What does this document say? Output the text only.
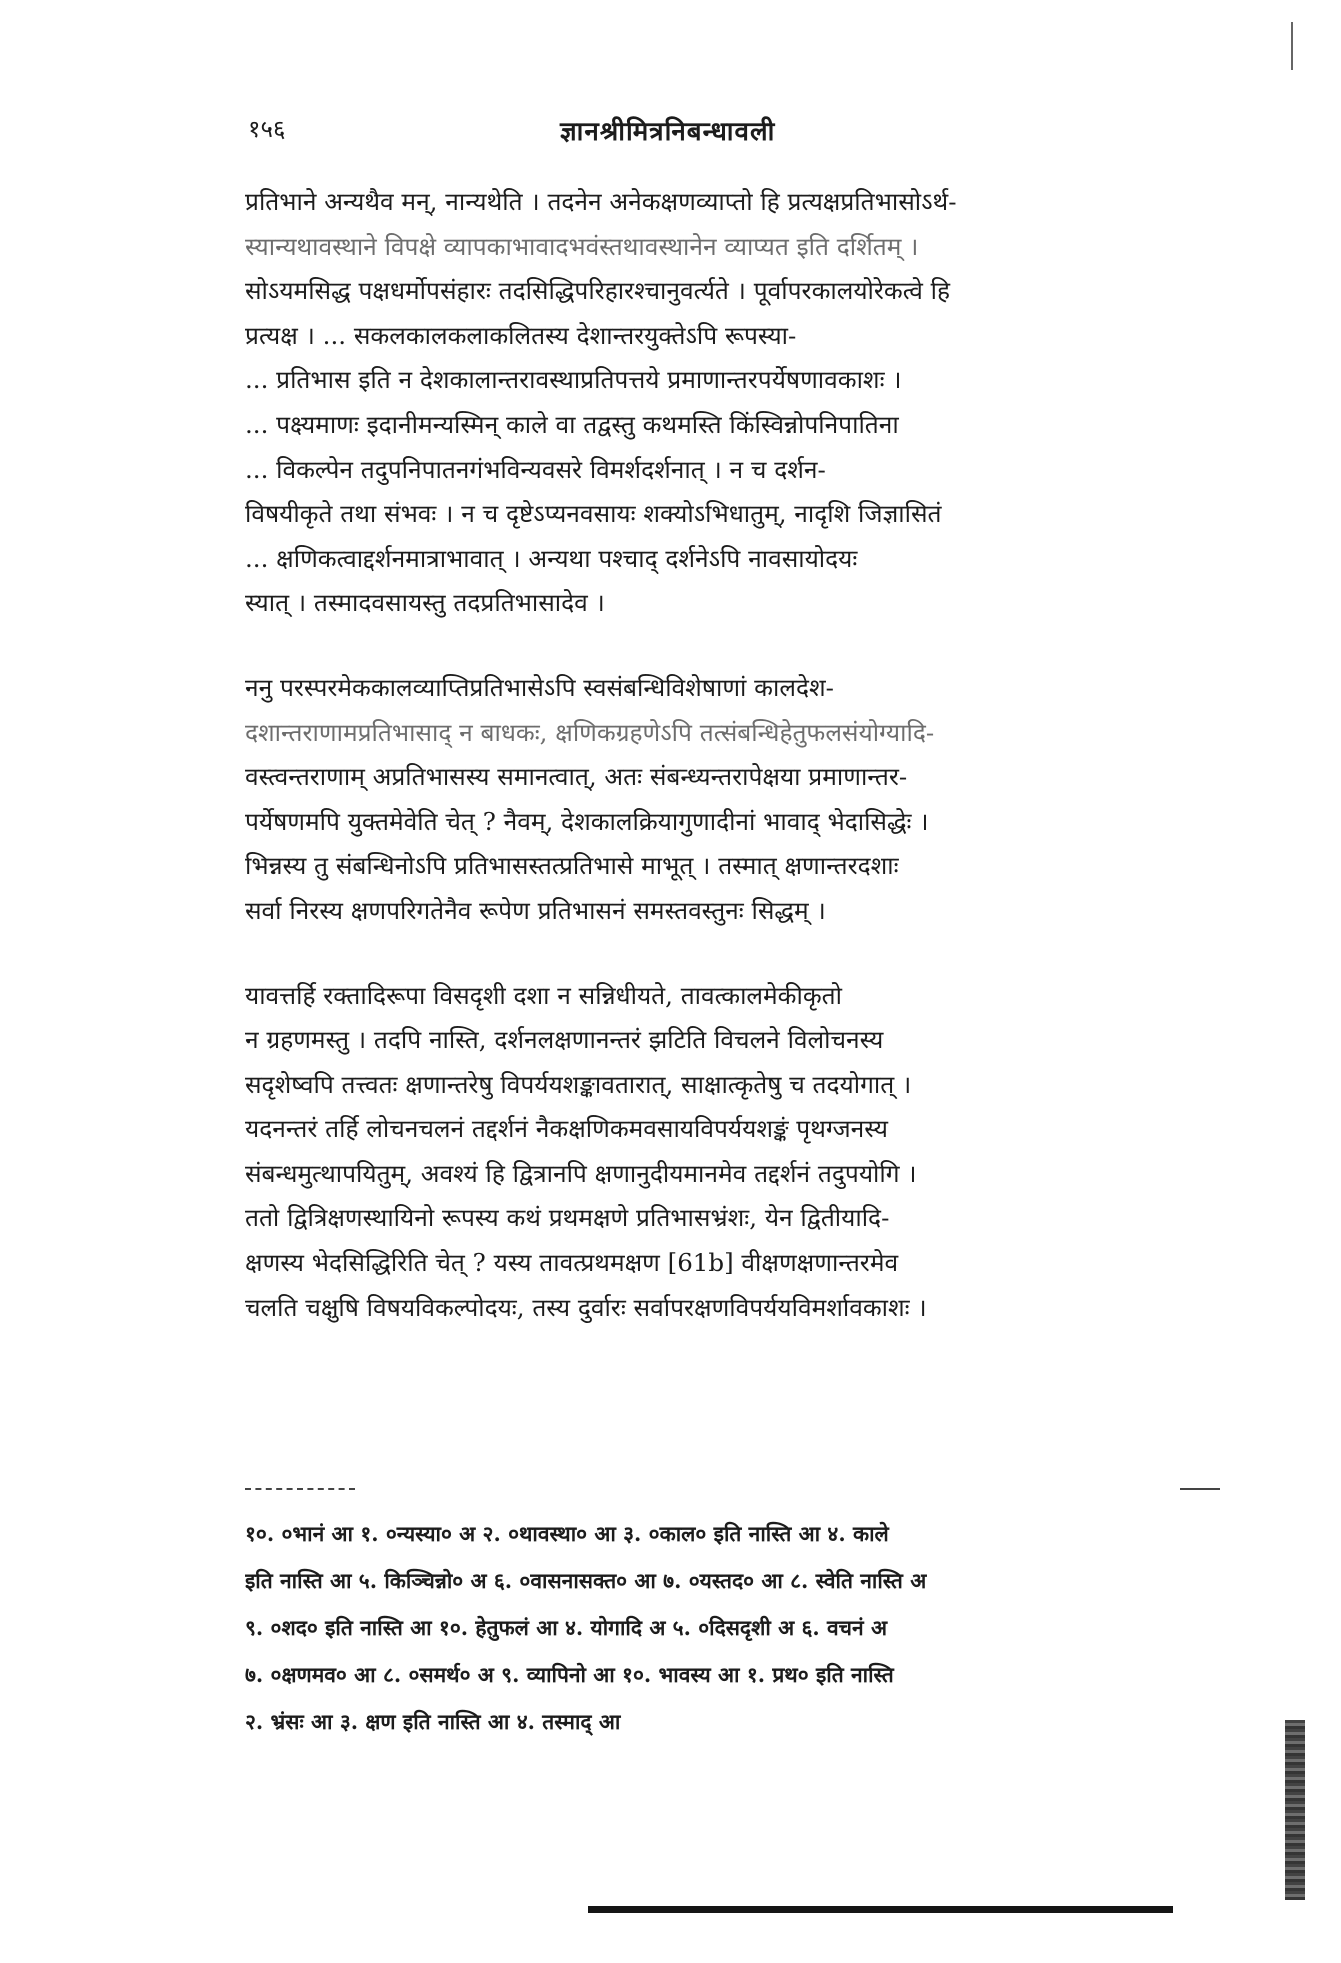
१५६	ज्ञानश्रीमित्रनिबन्धावली

प्रतिभाने अन्यथैव मन्, नान्यथेति । तदनेन अनेकक्षणव्याप्तो हि प्रत्यक्षप्रतिभासोऽर्थ-
स्यान्यथावस्थाने विपक्षे व्यापकाभावादभवंस्तथावस्थानेन व्याप्यत इति दर्शितम् ।
सोऽयमसिद्ध पक्षधर्मोपसंहारः तदसिद्धिपरिहारश्चानुवर्त्यते । पूर्वापरकालयोरेकत्वे हि
प्रत्यक्ष । ... सकलकालकलाकलितस्य देशान्तरयुक्तेऽपि रूपस्या-
... प्रतिभास इति न देशकालान्तरावस्थाप्रतिपत्तये प्रमाणान्तरपर्येषणावकाशः ।
... पक्ष्यमाणः इदानीमन्यस्मिन् काले वा तद्वस्तु कथमस्ति किंस्विन्नोपनिपातिना
... विकल्पेन तदुपनिपातनगंभविन्यवसरे विमर्शदर्शनात् । न च दर्शन-
विषयीकृते तथा संभवः । न च दृष्टेऽप्यनवसायः शक्योऽभिधातुम्, नादृशि जिज्ञासितं
... क्षणिकत्वाद्दर्शनमात्राभावात् । अन्यथा पश्चाद् दर्शनेऽपि नावसायोदयः
स्यात् । तस्मादवसायस्तु तदप्रतिभासादेव ।

ननु परस्परमेककालव्याप्तिप्रतिभासेऽपि स्वसंबन्धिविशेषाणां कालदेश-
दशान्तराणामप्रतिभासाद् न बाधकः, क्षणिकग्रहणेऽपि तत्संबन्धिहेतुफलसंयोग्यादि-
वस्त्वन्तराणाम् अप्रतिभासस्य समानत्वात्, अतः संबन्ध्यन्तरापेक्षया प्रमाणान्तर-
पर्येषणमपि युक्तमेवेति चेत् ? नैवम्, देशकालक्रियागुणादीनां भावाद् भेदासिद्धेः ।
भिन्नस्य तु संबन्धिनोऽपि प्रतिभासस्तत्प्रतिभासे माभूत् । तस्मात् क्षणान्तरदशाः
सर्वा निरस्य क्षणपरिगतेनैव रूपेण प्रतिभासनं समस्तवस्तुनः सिद्धम् ।

यावत्तर्हि रक्तादिरूपा विसदृशी दशा न सन्निधीयते, तावत्कालमेकीकृतो
न ग्रहणमस्तु । तदपि नास्ति, दर्शनलक्षणानन्तरं झटिति विचलने विलोचनस्य
सदृशेष्वपि तत्त्वतः क्षणान्तरेषु विपर्ययशङ्कावतारात्, साक्षात्कृतेषु च तदयोगात् ।
यदनन्तरं तर्हि लोचनचलनं तद्दर्शनं नैकक्षणिकमवसायविपर्ययशङ्कं पृथग्जनस्य
संबन्धमुत्थापयितुम्, अवश्यं हि द्वित्रानपि क्षणानुदीयमानमेव तद्दर्शनं तदुपयोगि ।
ततो द्वित्रिक्षणस्थायिनो रूपस्य कथं प्रथमक्षणे प्रतिभासभ्रंशः, येन द्वितीयादि-
क्षणस्य भेदसिद्धिरिति चेत् ? यस्य तावत्प्रथमक्षण [61b] वीक्षणक्षणान्तरमेव
चलति चक्षुषि विषयविकल्पोदयः, तस्य दुर्वारः सर्वापरक्षणविपर्ययविमर्शावकाशः ।

१०. ०भानं आ १. ०न्यस्या० अ २. ०थावस्था० आ ३. ०काल० इति नास्ति आ ४. काले
इति नास्ति आ ५. किञ्चिन्नो० अ ६. ०वासनासक्त० आ ७. ०यस्तद० आ ८. स्वेति नास्ति अ
९. ०शद० इति नास्ति आ १०. हेतुफलं आ ४. योगादि अ ५. ०दिसदृशी अ ६. वचनं अ
७. ०क्षणमव० आ ८. ०समर्थ० अ ९. व्यापिनो आ १०. भावस्य आ १. प्रथ० इति नास्ति
२. भ्रंसः आ ३. क्षण इति नास्ति आ ४. तस्माद् आ
